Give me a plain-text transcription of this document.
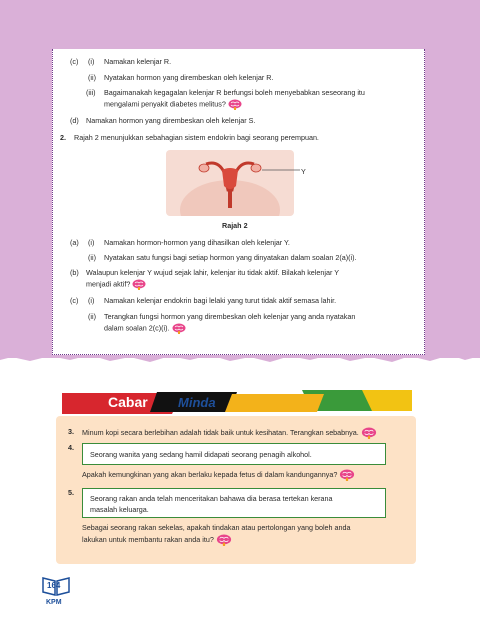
(c) (i) Namakan kelenjar R.
(ii) Nyatakan hormon yang dirembeskan oleh kelenjar R.
(iii) Bagaimanakah kegagalan kelenjar R berfungsi boleh menyebabkan seseorang itu
mengalami penyakit diabetes melitus?
(d) Namakan hormon yang dirembeskan oleh kelenjar S.
2. Rajah 2 menunjukkan sebahagian sistem endokrin bagi seorang perempuan.
Y
Rajah 2
(a) (i) Namakan hormon-hormon yang dihasilkan oleh kelenjar Y.
(ii) Nyatakan satu fungsi bagi setiap hormon yang dinyatakan dalam soalan 2(a)(i).
(b) Walaupun kelenjar Y wujud sejak lahir, kelenjar itu tidak aktif. Bilakah kelenjar Y
menjadi aktif?
(c) (i) Namakan kelenjar endokrin bagi lelaki yang turut tidak aktif semasa lahir.
(ii) Terangkan fungsi hormon yang dirembeskan oleh kelenjar yang anda nyatakan
dalam soalan 2(c)(i).
Cabar Minda
3. Minum kopi secara berlebihan adalah tidak baik untuk kesihatan. Terangkan sebabnya.
4.
Seorang wanita yang sedang hamil didapati seorang penagih alkohol.
Apakah kemungkinan yang akan berlaku kepada fetus di dalam kandungannya?
5.
Seorang rakan anda telah menceritakan bahawa dia berasa tertekan kerana
masalah keluarga.
Sebagai seorang rakan sekelas, apakah tindakan atau pertolongan yang boleh anda
lakukan untuk membantu rakan anda itu?
164
KPM
